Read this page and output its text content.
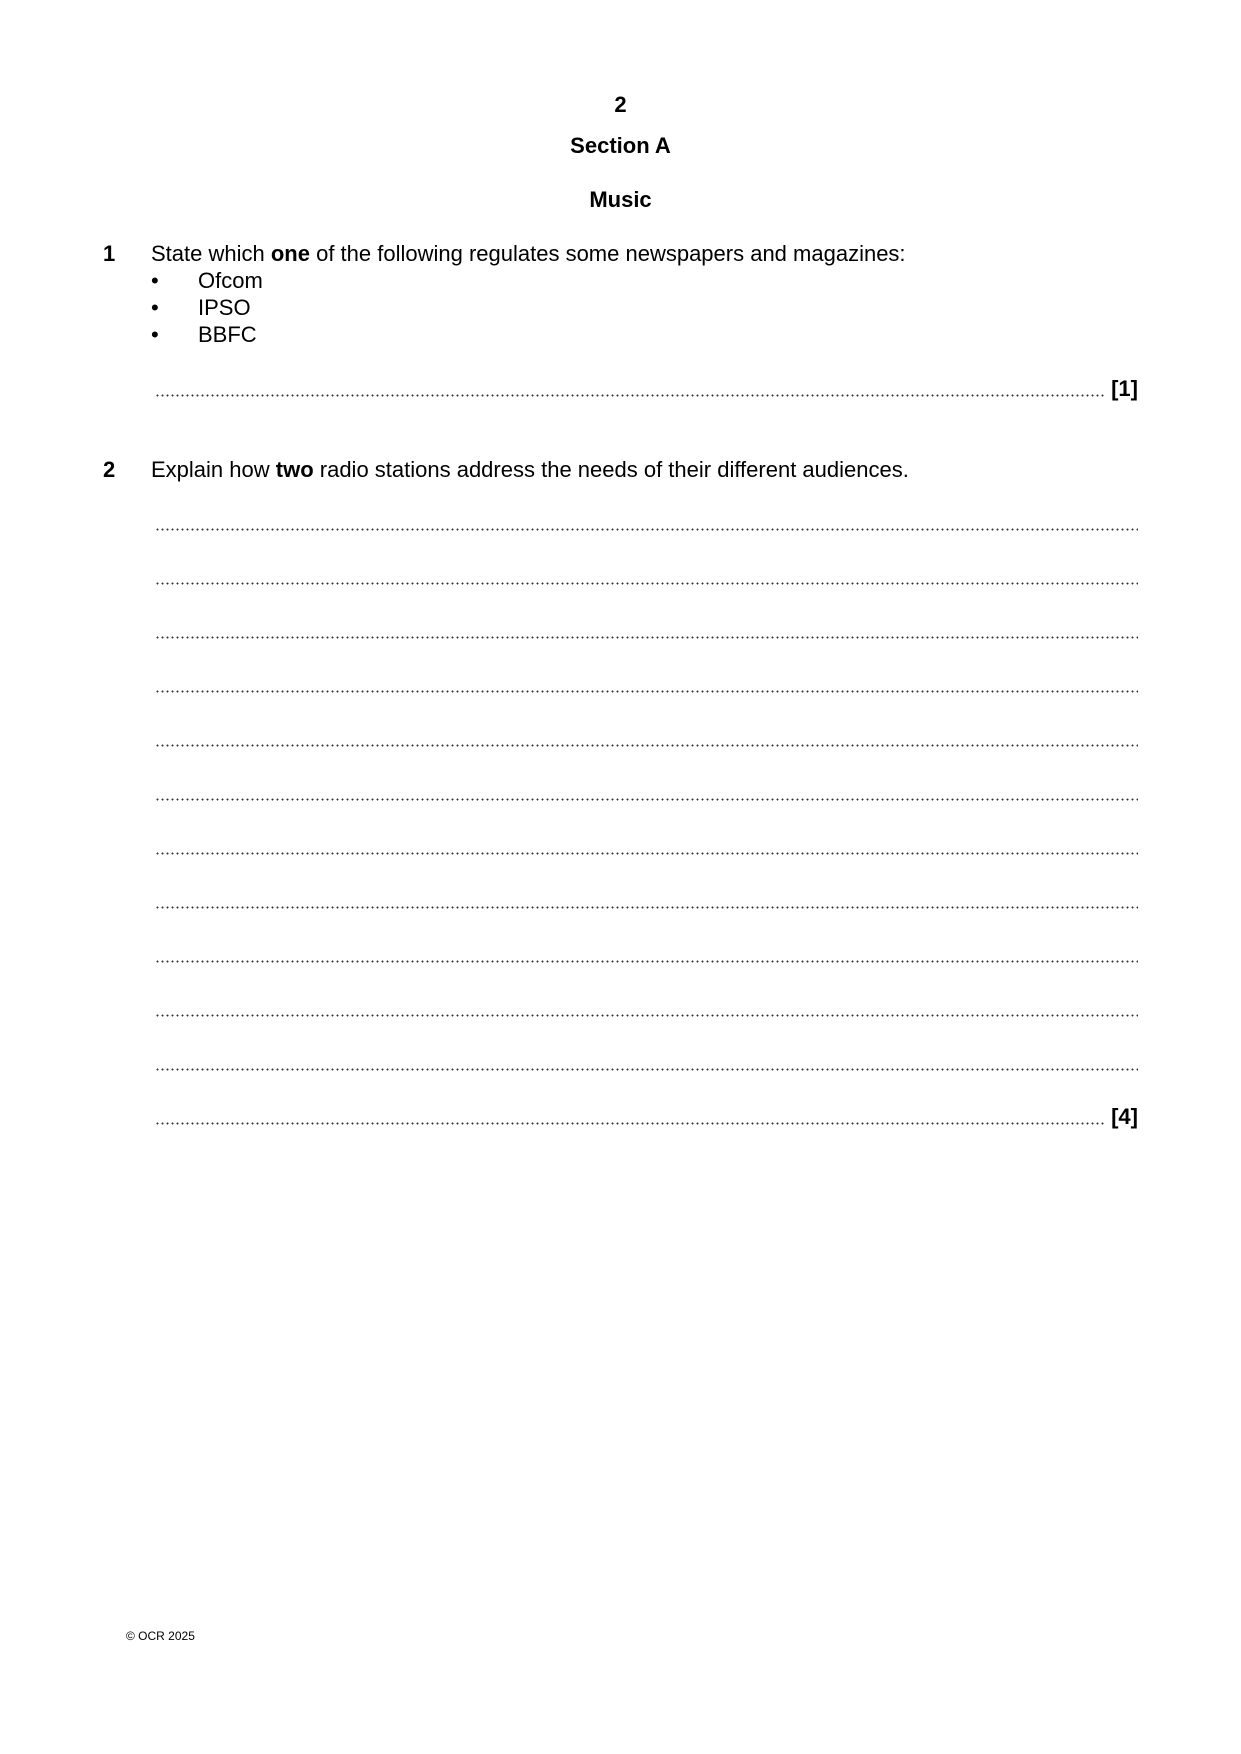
2
Section A
Music
1 State which one of the following regulates some newspapers and magazines:
• Ofcom
• IPSO
• BBFC
[1]
2 Explain how two radio stations address the needs of their different audiences.
[4]
© OCR 2025
